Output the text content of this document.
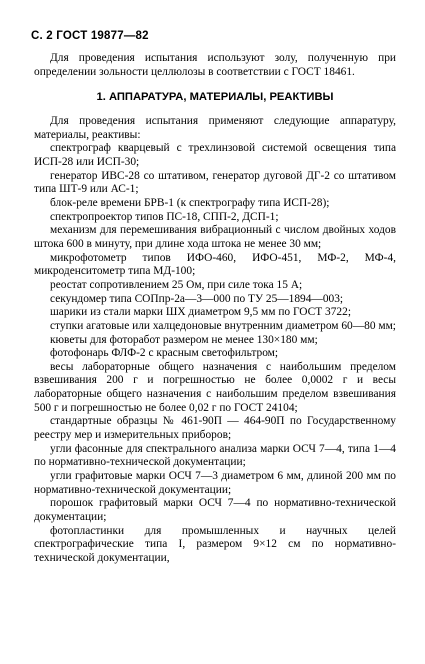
С. 2 ГОСТ 19877—82

Для проведения испытания используют золу, полученную при определении зольности целлюлозы в соответствии с ГОСТ 18461.

1. АППАРАТУРА, МАТЕРИАЛЫ, РЕАКТИВЫ

Для проведения испытания применяют следующие аппаратуру, материалы, реактивы:

спектрограф кварцевый с трехлинзовой системой освещения типа ИСП-28 или ИСП-30;

генератор ИВС-28 со штативом, генератор дуговой ДГ-2 со штативом типа ШТ-9 или АС-1;

блок-реле времени БРВ-1 (к спектрографу типа ИСП-28);

спектропроектор типов ПС-18, СПП-2, ДСП-1;

механизм для перемешивания вибрационный с числом двойных ходов штока 600 в минуту, при длине хода штока не менее 30 мм;

микрофотометр типов ИФО-460, ИФО-451, МФ-2, МФ-4, микроденситометр типа МД-100;

реостат сопротивлением 25 Ом, при силе тока 15 А;

секундомер типа СОПпр-2а—3—000 по ТУ 25—1894—003;

шарики из стали марки ШХ диаметром 9,5 мм по ГОСТ 3722;

ступки агатовые или халцедоновые внутренним диаметром 60—80 мм;

кюветы для фоторабот размером не менее 130×180 мм;

фотофонарь ФЛФ-2 с красным светофильтром;

весы лабораторные общего назначения с наибольшим пределом взвешивания 200 г и погрешностью не более 0,0002 г и весы лабораторные общего назначения с наибольшим пределом взвешивания 500 г и погрешностью не более 0,02 г по ГОСТ 24104;

стандартные образцы № 461-90П — 464-90П по Государственному реестру мер и измерительных приборов;

угли фасонные для спектрального анализа марки ОСЧ 7—4, типа 1—4 по нормативно-технической документации;

угли графитовые марки ОСЧ 7—3 диаметром 6 мм, длиной 200 мм по нормативно-технической документации;

порошок графитовый марки ОСЧ 7—4 по нормативно-технической документации;

фотопластинки для промышленных и научных целей спектрографические типа I, размером 9×12 см по нормативно-технической документации,
